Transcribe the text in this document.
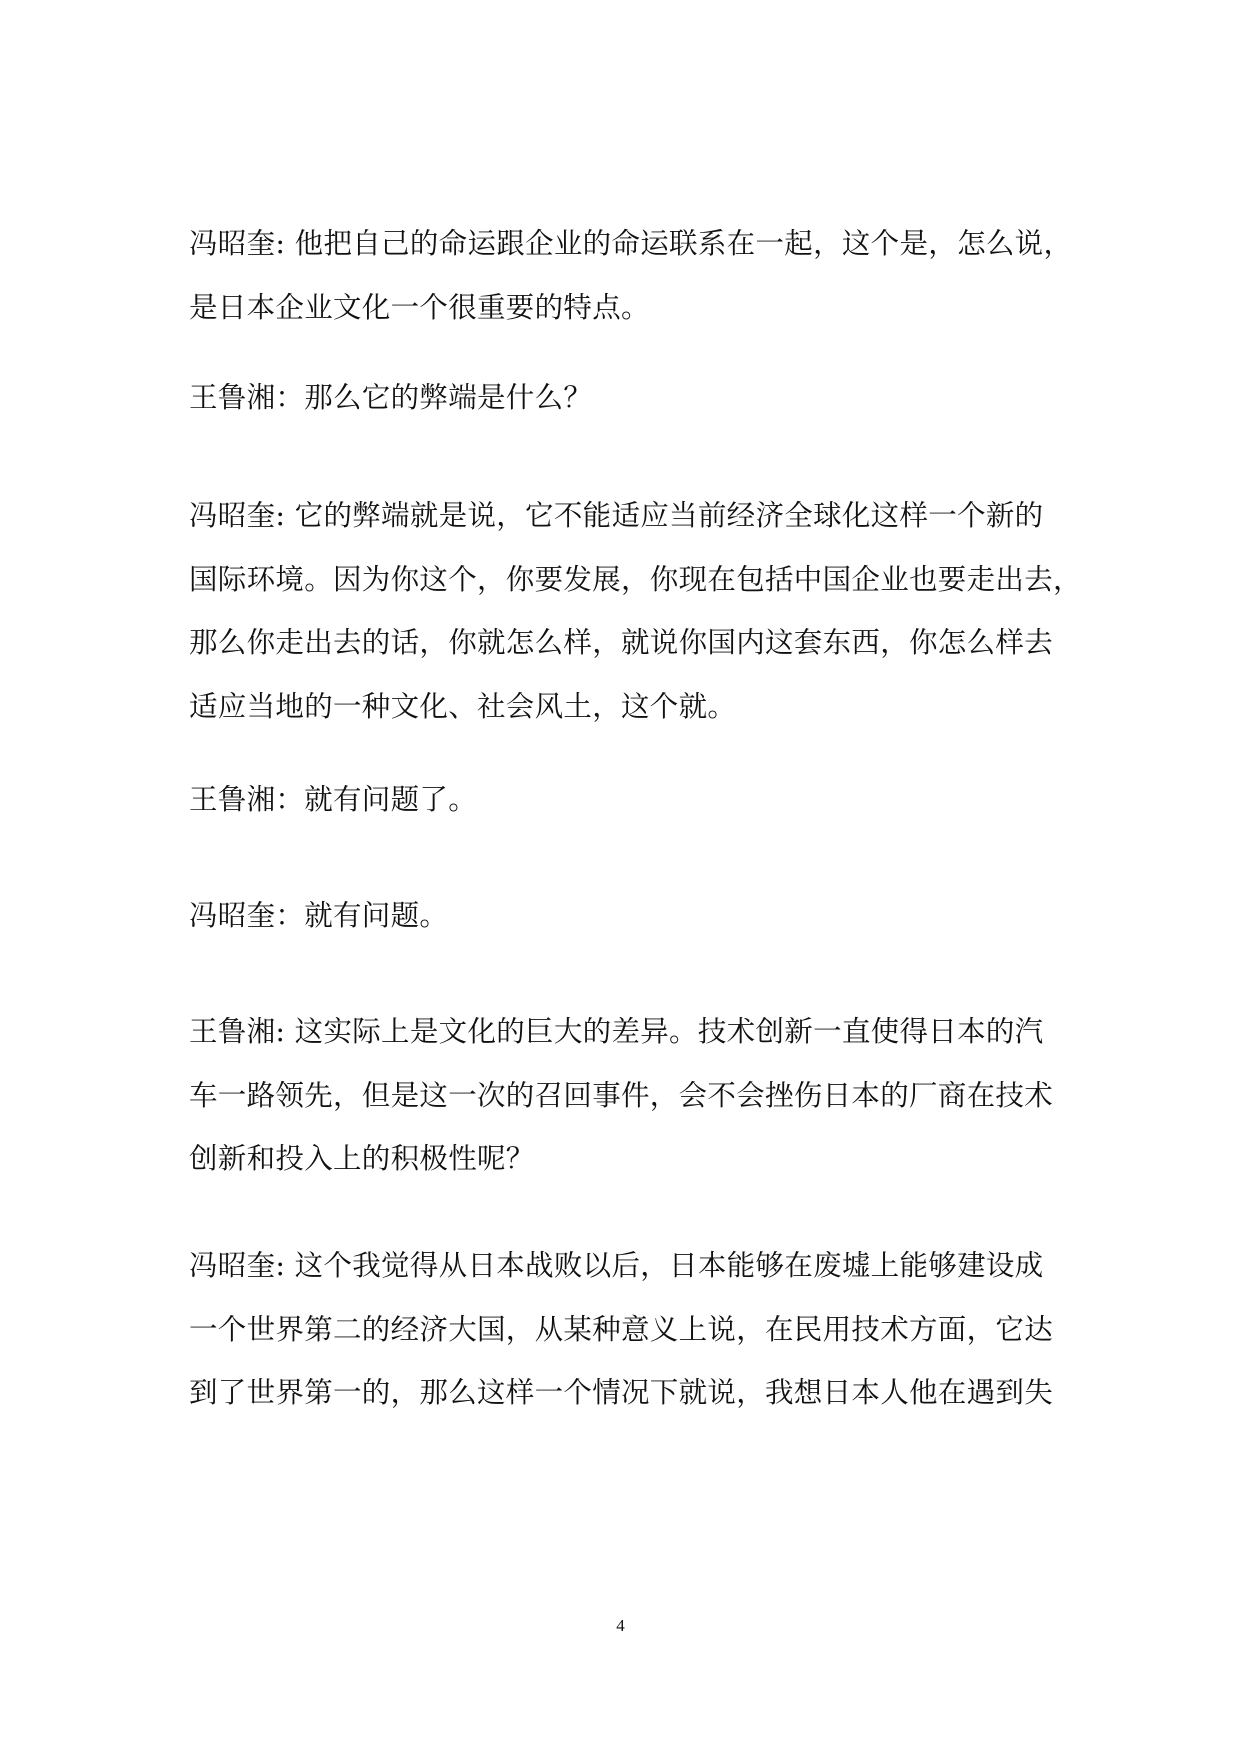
冯昭奎: 他把自己的命运跟企业的命运联系在一起，这个是，怎么说，
是日本企业文化一个很重要的特点。
王鲁湘：那么它的弊端是什么？
冯昭奎: 它的弊端就是说，它不能适应当前经济全球化这样一个新的
国际环境。因为你这个，你要发展，你现在包括中国企业也要走出去，
那么你走出去的话，你就怎么样，就说你国内这套东西，你怎么样去
适应当地的一种文化、社会风土，这个就。
王鲁湘：就有问题了。
冯昭奎：就有问题。
王鲁湘: 这实际上是文化的巨大的差异。技术创新一直使得日本的汽
车一路领先，但是这一次的召回事件，会不会挫伤日本的厂商在技术
创新和投入上的积极性呢？
冯昭奎: 这个我觉得从日本战败以后，日本能够在废墟上能够建设成
一个世界第二的经济大国，从某种意义上说，在民用技术方面，它达
到了世界第一的，那么这样一个情况下就说，我想日本人他在遇到失
4
